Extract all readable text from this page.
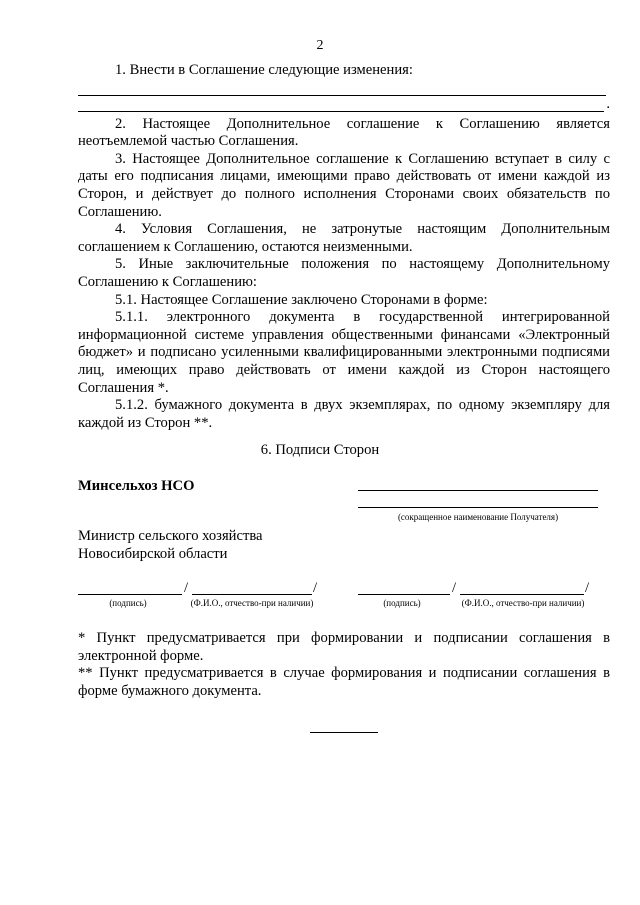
2

1. Внести в Соглашение следующие изменения:

.

2. Настоящее Дополнительное соглашение к Соглашению является неотъемлемой частью Соглашения.

3. Настоящее Дополнительное соглашение к Соглашению вступает в силу с даты его подписания лицами, имеющими право действовать от имени каждой из Сторон, и действует до полного исполнения Сторонами своих обязательств по Соглашению.

4. Условия Соглашения, не затронутые настоящим Дополнительным соглашением к Соглашению, остаются неизменными.

5. Иные заключительные положения по настоящему Дополнительному Соглашению к Соглашению:

5.1. Настоящее Соглашение заключено Сторонами в форме:

5.1.1. электронного документа в государственной интегрированной информационной системе управления общественными финансами «Электронный бюджет» и подписано усиленными квалифицированными электронными подписями лиц, имеющих право действовать от имени каждой из Сторон настоящего Соглашения *.

5.1.2. бумажного документа в двух экземплярах, по одному экземпляру для каждой из Сторон **.

6. Подписи Сторон
Минсельхоз НСО
Министр сельского хозяйства
Новосибирской области
(сокращенное наименование Получателя)
/	/
(подпись)	(Ф.И.О., отчество-при наличии)
/	/
(подпись)	(Ф.И.О., отчество-при наличии)

* Пункт предусматривается при формировании и подписании соглашения в электронной форме.

** Пункт предусматривается в случае формирования и подписании соглашения в форме бумажного документа.
